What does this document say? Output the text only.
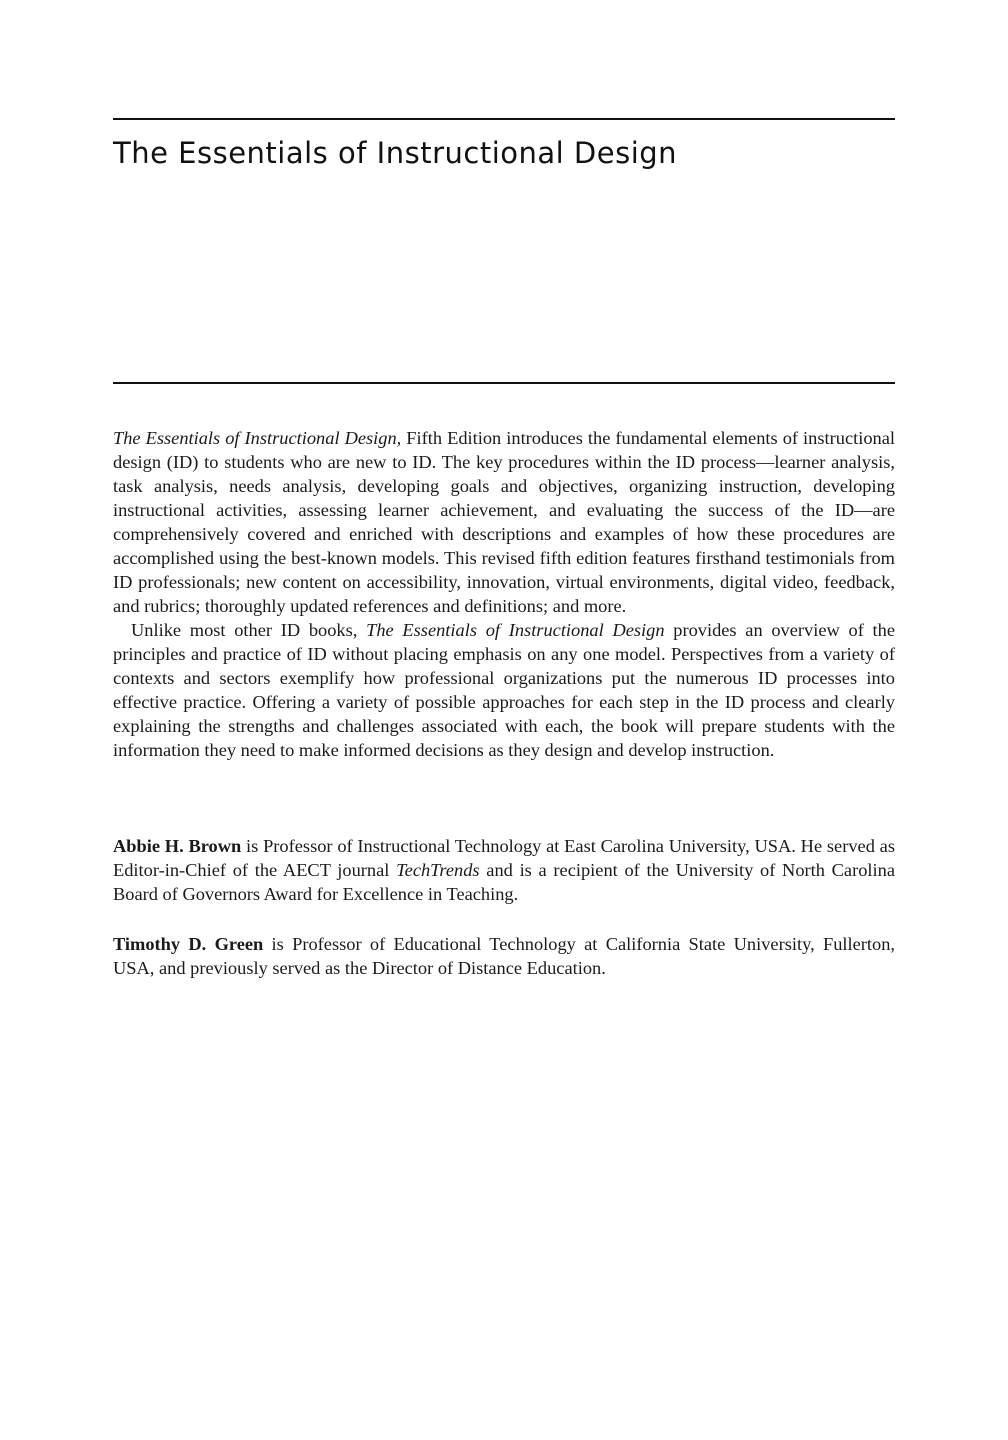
The Essentials of Instructional Design

The Essentials of Instructional Design, Fifth Edition introduces the fundamental elements of instructional design (ID) to students who are new to ID. The key procedures within the ID process—learner analysis, task analysis, needs analysis, developing goals and objectives, organizing instruction, developing instructional activities, assessing learner achievement, and evaluating the success of the ID—are comprehensively covered and enriched with descriptions and examples of how these procedures are accomplished using the best-known models. This revised fifth edition features firsthand testimonials from ID professionals; new content on accessibility, innovation, virtual environments, digital video, feedback, and rubrics; thoroughly updated references and definitions; and more.

Unlike most other ID books, The Essentials of Instructional Design provides an overview of the principles and practice of ID without placing emphasis on any one model. Perspectives from a variety of contexts and sectors exemplify how professional organizations put the numerous ID processes into effective practice. Offering a variety of possible approaches for each step in the ID process and clearly explaining the strengths and challenges associated with each, the book will prepare students with the information they need to make informed decisions as they design and develop instruction.

Abbie H. Brown is Professor of Instructional Technology at East Carolina University, USA. He served as Editor-in-Chief of the AECT journal TechTrends and is a recipient of the University of North Carolina Board of Governors Award for Excellence in Teaching.

Timothy D. Green is Professor of Educational Technology at California State University, Fullerton, USA, and previously served as the Director of Distance Education.
